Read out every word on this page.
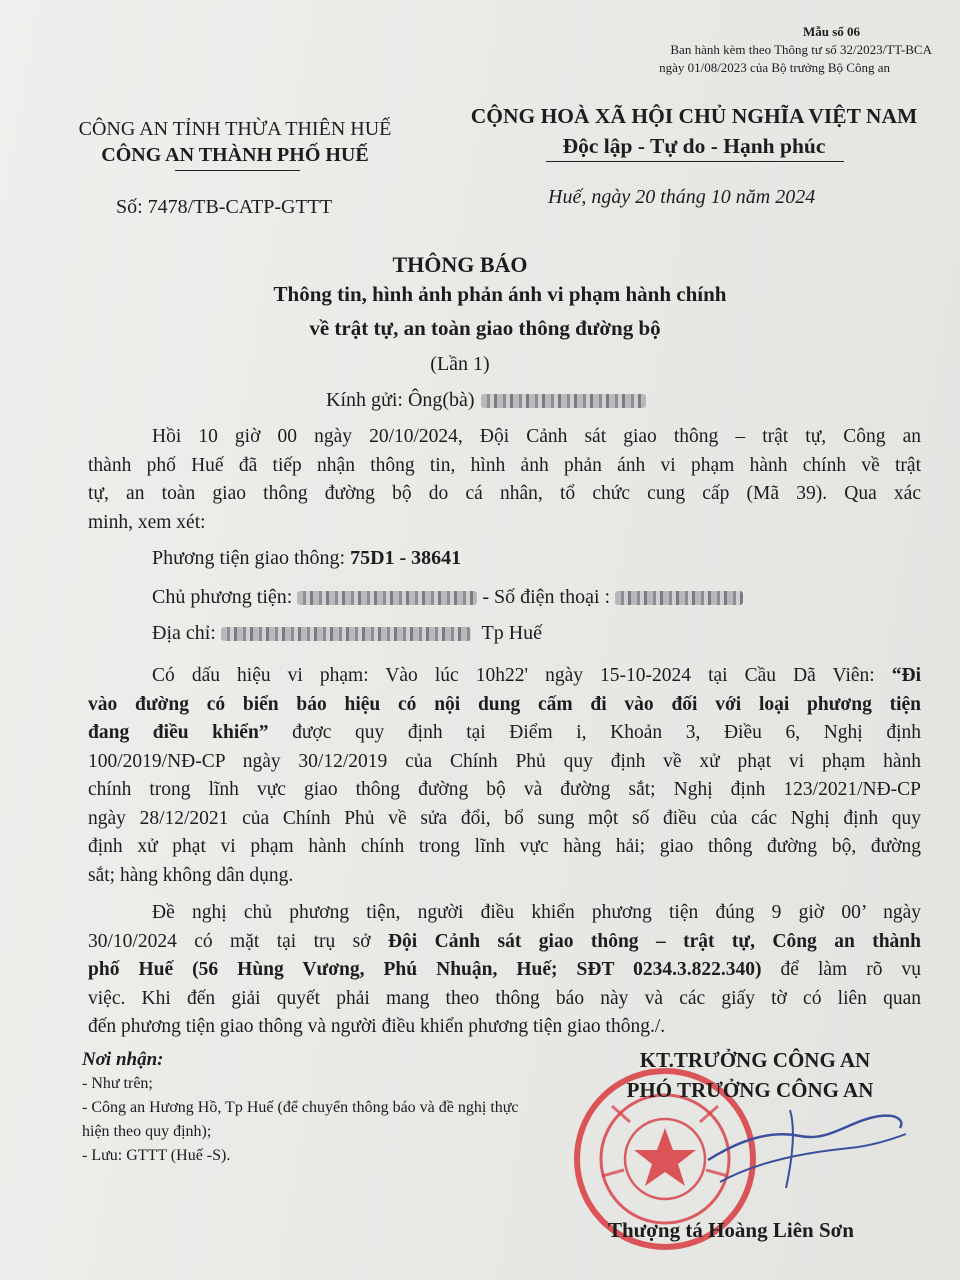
Mẫu số 06
Ban hành kèm theo Thông tư số 32/2023/TT-BCA
ngày 01/08/2023 của Bộ trưởng Bộ Công an
CÔNG AN TỈNH THỪA THIÊN HUẾ
CÔNG AN THÀNH PHỐ HUẾ
CỘNG HOÀ XÃ HỘI CHỦ NGHĨA VIỆT NAM
Độc lập - Tự do - Hạnh phúc
Số: 7478/TB-CATP-GTTT	Huế, ngày 20 tháng 10 năm 2024
THÔNG BÁO
Thông tin, hình ảnh phản ánh vi phạm hành chính
về trật tự, an toàn giao thông đường bộ
(Lần 1)
Kính gửi: Ông(bà)
Hồi 10 giờ 00 ngày 20/10/2024, Đội Cảnh sát giao thông – trật tự, Công an
thành phố Huế đã tiếp nhận thông tin, hình ảnh phản ánh vi phạm hành chính về trật
tự, an toàn giao thông đường bộ do cá nhân, tổ chức cung cấp (Mã 39). Qua xác
minh, xem xét:
Phương tiện giao thông: 75D1 - 38641
Chủ phương tiện:	- Số điện thoại :
Địa chỉ:	Tp Huế
Có dấu hiệu vi phạm: Vào lúc 10h22' ngày 15-10-2024 tại Cầu Dã Viên: “Đi
vào đường có biển báo hiệu có nội dung cấm đi vào đối với loại phương tiện
đang điều khiển” được quy định tại Điểm i, Khoản 3, Điều 6, Nghị định
100/2019/NĐ-CP ngày 30/12/2019 của Chính Phủ quy định về xử phạt vi phạm hành
chính trong lĩnh vực giao thông đường bộ và đường sắt; Nghị định 123/2021/NĐ-CP
ngày 28/12/2021 của Chính Phủ về sửa đổi, bổ sung một số điều của các Nghị định quy
định xử phạt vi phạm hành chính trong lĩnh vực hàng hải; giao thông đường bộ, đường
sắt; hàng không dân dụng.
Đề nghị chủ phương tiện, người điều khiển phương tiện đúng 9 giờ 00’ ngày
30/10/2024 có mặt tại trụ sở Đội Cảnh sát giao thông – trật tự, Công an thành
phố Huế (56 Hùng Vương, Phú Nhuận, Huế; SĐT 0234.3.822.340) để làm rõ vụ
việc. Khi đến giải quyết phải mang theo thông báo này và các giấy tờ có liên quan
đến phương tiện giao thông và người điều khiển phương tiện giao thông./.
Nơi nhận:
- Như trên;
- Công an Hương Hồ, Tp Huế (để chuyển thông báo và đề nghị thực hiện theo quy định);
- Lưu: GTTT (Huế -S).
KT.TRƯỞNG CÔNG AN
PHÓ TRƯỞNG CÔNG AN
Thượng tá Hoàng Liên Sơn
